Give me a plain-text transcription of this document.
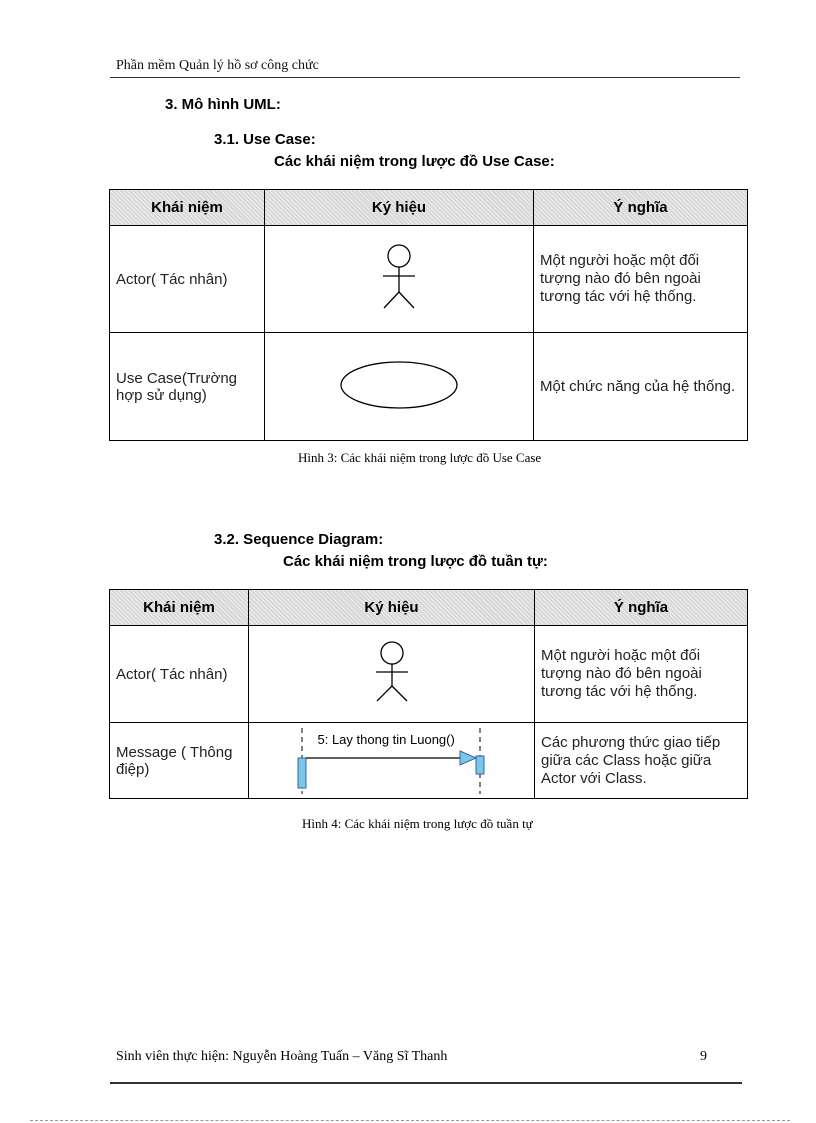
Phần mềm Quản lý hồ sơ công chức
3. Mô hình UML:
3.1. Use Case:
Các khái niệm trong lược đồ Use Case:
Khái niệm	Ký hiệu	Ý nghĩa
Actor( Tác nhân)		Một người hoặc một đối tượng nào đó bên ngoài tương tác với hệ thống.
Use Case(Trường hợp sử dụng)		Một chức năng của hệ thống.
Hình 3: Các khái niệm trong lược đồ Use Case
3.2. Sequence Diagram:
Các khái niệm trong lược đồ tuần tự:
Khái niệm	Ký hiệu	Ý nghĩa
Actor( Tác nhân)		Một người hoặc một đối tượng nào đó bên ngoài tương tác với hệ thống.
Message ( Thông điệp)	5: Lay thong tin Luong()	Các phương thức giao tiếp giữa các Class hoặc giữa Actor với Class.
Hình 4: Các khái niệm trong lược đồ tuần tự
Sinh viên thực hiện: Nguyễn Hoàng Tuấn – Văng Sĩ Thanh	9
